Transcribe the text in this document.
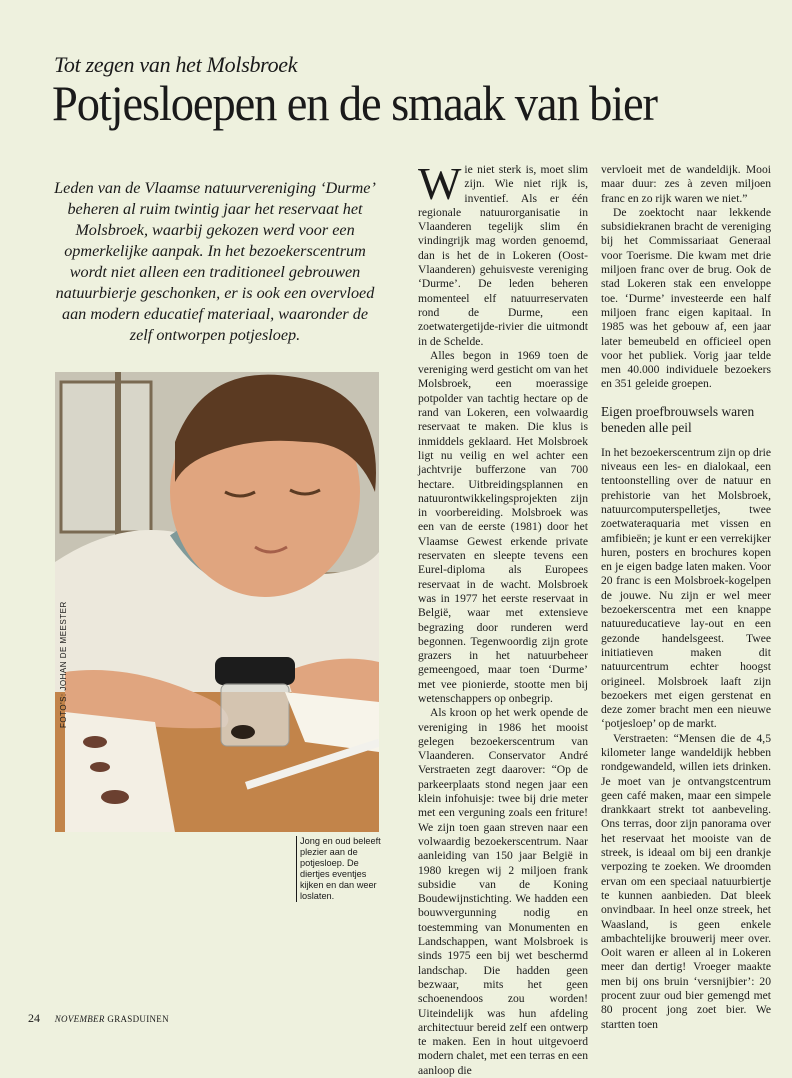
Tot zegen van het Molsbroek
Potjesloepen en de smaak van bier
Leden van de Vlaamse natuurvereniging ‘Durme’ beheren al ruim twintig jaar het reservaat het Molsbroek, waarbij gekozen werd voor een opmerkelijke aanpak. In het bezoekerscentrum wordt niet alleen een traditioneel gebrouwen natuurbierje geschonken, er is ook een overvloed aan modern educatief materiaal, waaronder de zelf ontworpen potjesloep.
FOTO'S: JOHAN DE MEESTER
Jong en oud beleeft plezier aan de potjesloep. De diertjes eventjes kijken en dan weer loslaten.

Wie niet sterk is, moet slim zijn. Wie niet rijk is, inventief. Als er één regionale natuurorganisatie in Vlaanderen tegelijk slim én vindingrijk mag worden genoemd, dan is het de in Lokeren (Oost-Vlaanderen) gehuisveste vereniging ‘Durme’. De leden beheren momenteel elf natuurreservaten rond de Durme, een zoetwatergetijde-rivier die uitmondt in de Schelde.

Alles begon in 1969 toen de vereniging werd gesticht om van het Molsbroek, een moerassige potpolder van tachtig hectare op de rand van Lokeren, een volwaardig reservaat te maken. Die klus is inmiddels geklaard. Het Molsbroek ligt nu veilig en wel achter een jachtvrije bufferzone van 700 hectare. Uitbreidingsplannen en natuurontwikkelingsprojekten zijn in voorbereiding. Molsbroek was een van de eerste (1981) door het Vlaamse Gewest erkende private reservaten en sleepte tevens een Eurel-diploma als Europees reservaat in de wacht. Molsbroek was in 1977 het eerste reservaat in België, waar met extensieve begrazing door runderen werd begonnen. Tegenwoordig zijn grote grazers in het natuurbeheer gemeengoed, maar toen ‘Durme’ met vee pionierde, stootte men bij wetenschappers op onbegrip.

Als kroon op het werk opende de vereniging in 1986 het mooist gelegen bezoekerscentrum van Vlaanderen. Conservator André Verstraeten zegt daarover: “Op de parkeerplaats stond negen jaar een klein infohuisje: twee bij drie meter met een verguning zoals een friture! We zijn toen gaan streven naar een volwaardig bezoekerscentrum. Naar aanleiding van 150 jaar België in 1980 kregen wij 2 miljoen frank subsidie van de Koning Boudewijnstichting. We hadden een bouwvergunning nodig en toestemming van Monumenten en Landschappen, want Molsbroek is sinds 1975 een bij wet beschermd landschap. Die hadden geen bezwaar, mits het geen schoenendoos zou worden! Uiteindelijk was hun afdeling architectuur bereid zelf een ontwerp te maken. Een in hout uitgevoerd modern chalet, met een terras en een aanloop die

vervloeit met de wandeldijk. Mooi maar duur: zes à zeven miljoen franc en zo rijk waren we niet.”

De zoektocht naar lekkende subsidiekranen bracht de vereniging bij het Commissariaat Generaal voor Toerisme. Die kwam met drie miljoen franc over de brug. Ook de stad Lokeren stak een enveloppe toe. ‘Durme’ investeerde een half miljoen franc eigen kapitaal. In 1985 was het gebouw af, een jaar later bemeubeld en officieel open voor het publiek. Vorig jaar telde men 40.000 individuele bezoekers en 351 geleide groepen.

Eigen proefbrouwsels waren beneden alle peil

In het bezoekerscentrum zijn op drie niveaus een les- en dialokaal, een tentoonstelling over de natuur en prehistorie van het Molsbroek, natuurcomputerspelletjes, twee zoetwateraquaria met vissen en amfibieën; je kunt er een verrekijker huren, posters en brochures kopen en je eigen badge laten maken. Voor 20 franc is een Molsbroek-kogelpen de jouwe. Nu zijn er wel meer bezoekerscentra met een knappe natuureducatieve lay-out en een gezonde handelsgeest. Twee initiatieven maken dit natuurcentrum echter hoogst origineel. Molsbroek laaft zijn bezoekers met eigen gerstenat en deze zomer bracht men een nieuwe ‘potjesloep’ op de markt.

Verstraeten: “Mensen die de 4,5 kilometer lange wandeldijk hebben rondgewandeld, willen iets drinken. Je moet van je ontvangstcentrum geen café maken, maar een simpele drankkaart strekt tot aanbeveling. Ons terras, door zijn panorama over het reservaat het mooiste van de streek, is ideaal om bij een drankje verpozing te zoeken. We droomden ervan om een speciaal natuurbiertje te kunnen aanbieden. Dat bleek onvindbaar. In heel onze streek, het Waasland, is geen enkele ambachtelijke brouwerij meer over. Ooit waren er alleen al in Lokeren meer dan dertig! Vroeger maakte men bij ons bruin ‘versnijbier’: 20 procent zuur oud bier gemengd met 80 procent jong zoet bier. We startten toen

24 NOVEMBER GRASDUINEN
